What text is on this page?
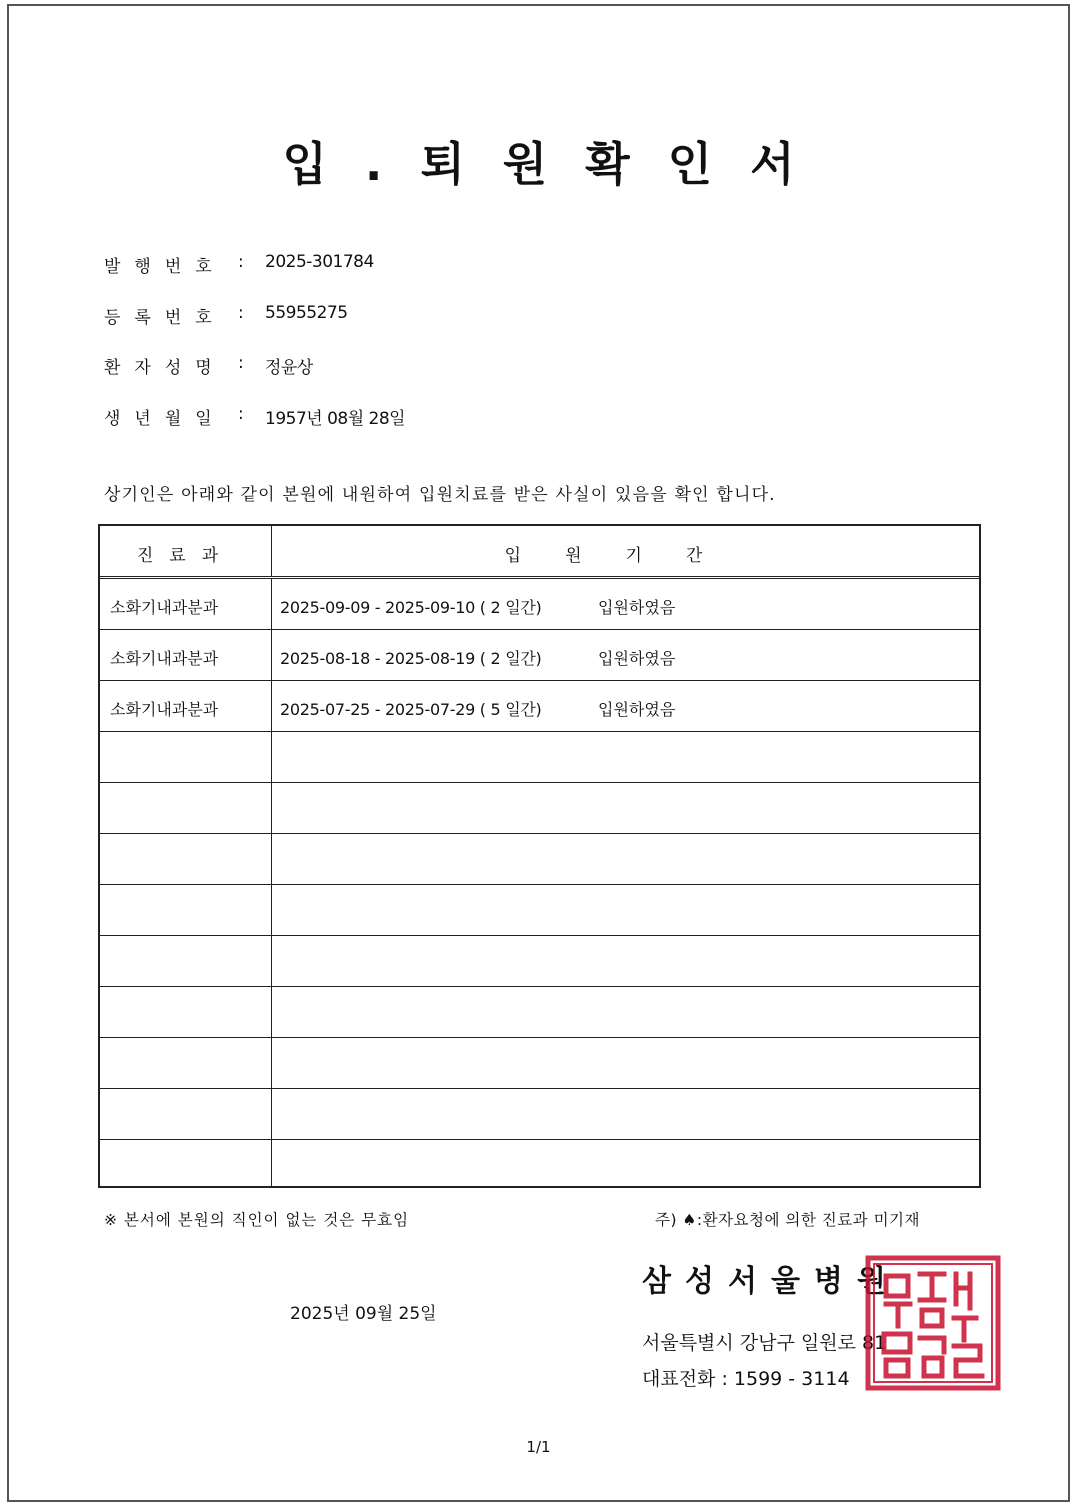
입.퇴원확인서
발행번호 : 2025-301784
등록번호 : 55955275
환자성명 : 정윤상
생년월일 : 1957년 08월 28일
상기인은 아래와 같이 본원에 내원하여 입원치료를 받은 사실이 있음을 확인 합니다.
진료과	입원기간
소화기내과분과	2025-09-09 - 2025-09-10 ( 2 일간)	입원하였음
소화기내과분과	2025-08-18 - 2025-08-19 ( 2 일간)	입원하였음
소화기내과분과	2025-07-25 - 2025-07-29 ( 5 일간)	입원하였음
※ 본서에 본원의 직인이 없는 것은 무효임	주) ♠:환자요청에 의한 진료과 미기재
2025년 09월 25일
삼성서울병원
서울특별시 강남구 일원로 81
대표전화 : 1599 - 3114
1/1
